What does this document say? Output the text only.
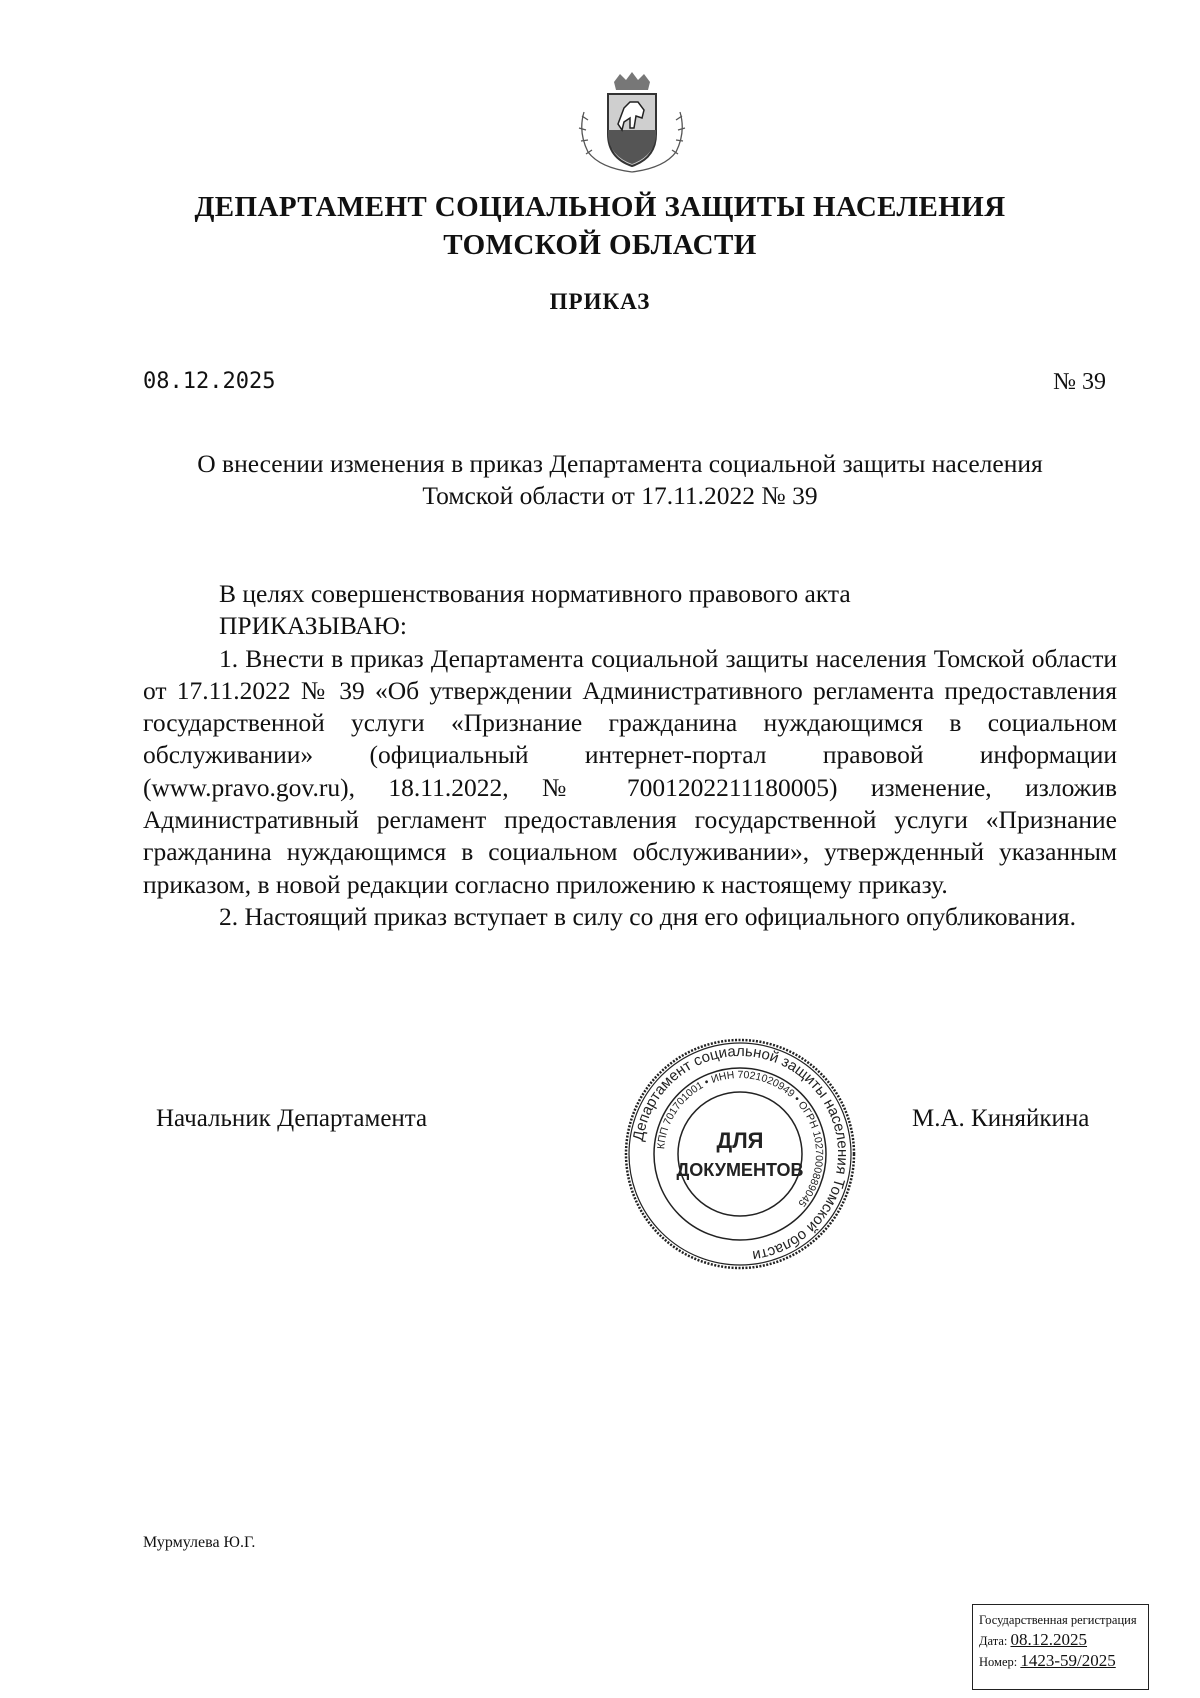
ДЕПАРТАМЕНТ СОЦИАЛЬНОЙ ЗАЩИТЫ НАСЕЛЕНИЯ
ТОМСКОЙ ОБЛАСТИ
ПРИКАЗ
08.12.2025	№ 39
О внесении изменения в приказ Департамента социальной защиты населения
Томской области от 17.11.2022 № 39
В целях совершенствования нормативного правового акта
ПРИКАЗЫВАЮ:

1. Внести в приказ Департамента социальной защиты населения Томской области от 17.11.2022 № 39 «Об утверждении Административного регламента предоставления государственной услуги «Признание гражданина нуждающимся в социальном обслуживании» (официальный интернет-портал правовой информации (www.pravo.gov.ru), 18.11.2022, № 7001202211180005) изменение, изложив Административный регламент предоставления государственной услуги «Признание гражданина нуждающимся в социальном обслуживании», утвержденный указанным приказом, в новой редакции согласно приложению к настоящему приказу.

2. Настоящий приказ вступает в силу со дня его официального опубликования.

Начальник Департамента	М.А. Киняйкина
Департамент социальной защиты населения Томской области
КПП 701701001 • ИНН 7021020949 • ОГРН 1027000889045
ДЛЯ
ДОКУМЕНТОВ
Мурмулева Ю.Г.
Государственная регистрация
Дата: 08.12.2025
Номер: 1423-59/2025
